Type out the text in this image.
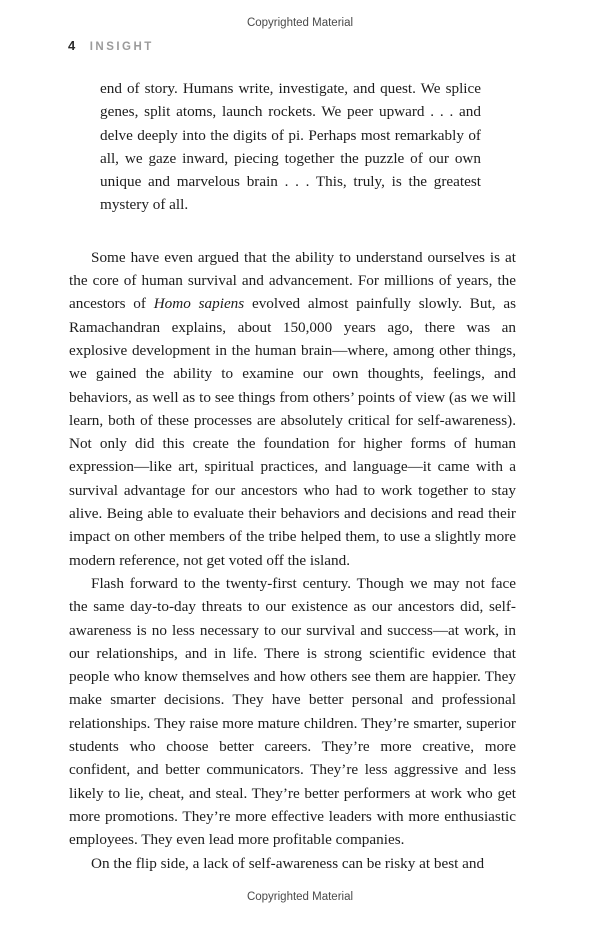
Copyrighted Material
4 INSIGHT
end of story. Humans write, investigate, and quest. We splice genes, split atoms, launch rockets. We peer upward . . . and delve deeply into the digits of pi. Perhaps most remarkably of all, we gaze inward, piecing together the puzzle of our own unique and marvelous brain . . . This, truly, is the greatest mystery of all.

Some have even argued that the ability to understand ourselves is at the core of human survival and advancement. For millions of years, the ancestors of Homo sapiens evolved almost painfully slowly. But, as Ramachandran explains, about 150,000 years ago, there was an explosive development in the human brain—where, among other things, we gained the ability to examine our own thoughts, feelings, and behaviors, as well as to see things from others’ points of view (as we will learn, both of these processes are absolutely critical for self-awareness). Not only did this create the foundation for higher forms of human expression—like art, spiritual practices, and language—it came with a survival advantage for our ancestors who had to work together to stay alive. Being able to evaluate their behaviors and decisions and read their impact on other members of the tribe helped them, to use a slightly more modern reference, not get voted off the island.

Flash forward to the twenty-first century. Though we may not face the same day-to-day threats to our existence as our ancestors did, self-awareness is no less necessary to our survival and success—at work, in our relationships, and in life. There is strong scientific evidence that people who know themselves and how others see them are happier. They make smarter decisions. They have better personal and professional relationships. They raise more mature children. They’re smarter, superior students who choose better careers. They’re more creative, more confident, and better communicators. They’re less aggressive and less likely to lie, cheat, and steal. They’re better performers at work who get more promotions. They’re more effective leaders with more enthusiastic employees. They even lead more profitable companies.

On the flip side, a lack of self-awareness can be risky at best and

Copyrighted Material
